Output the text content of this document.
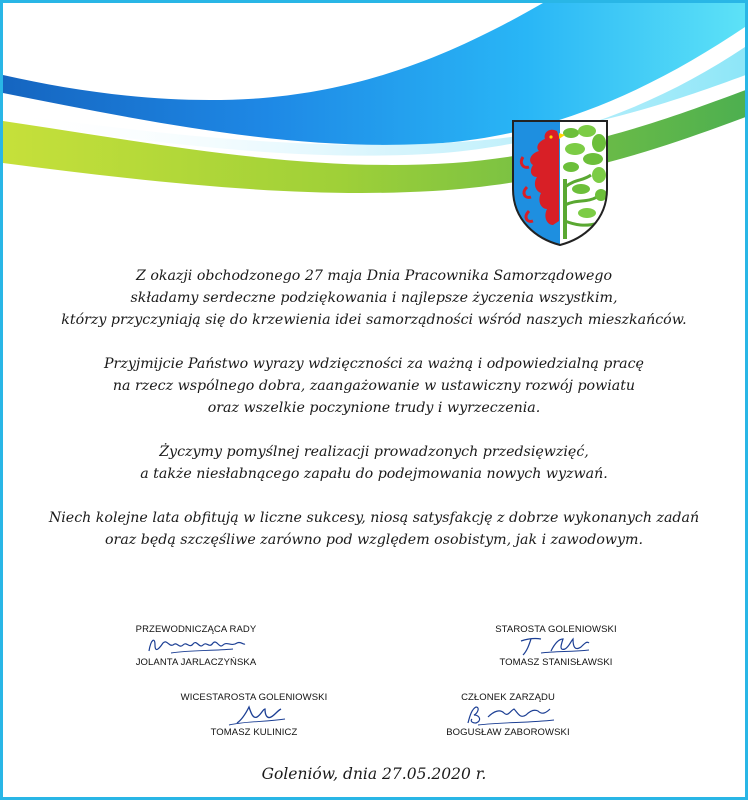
Z okazji obchodzonego 27 maja Dnia Pracownika Samorządowego
składamy serdeczne podziękowania i najlepsze życzenia wszystkim,
którzy przyczyniają się do krzewienia idei samorządności wśród naszych mieszkańców.

Przyjmijcie Państwo wyrazy wdzięczności za ważną i odpowiedzialną pracę
na rzecz wspólnego dobra, zaangażowanie w ustawiczny rozwój powiatu
oraz wszelkie poczynione trudy i wyrzeczenia.

Życzymy pomyślnej realizacji prowadzonych przedsięwzięć,
a także niesłabnącego zapału do podejmowania nowych wyzwań.

Niech kolejne lata obfitują w liczne sukcesy, niosą satysfakcję z dobrze wykonanych zadań
oraz będą szczęśliwe zarówno pod względem osobistym, jak i zawodowym.

PRZEWODNICZĄCA RADY
JOLANTA JARLACZYŃSKA
STAROSTA GOLENIOWSKI
TOMASZ STANISŁAWSKI
WICESTAROSTA GOLENIOWSKI
TOMASZ KULINICZ
CZŁONEK ZARZĄDU
BOGUSŁAW ZABOROWSKI
Goleniów, dnia 27.05.2020 r.
